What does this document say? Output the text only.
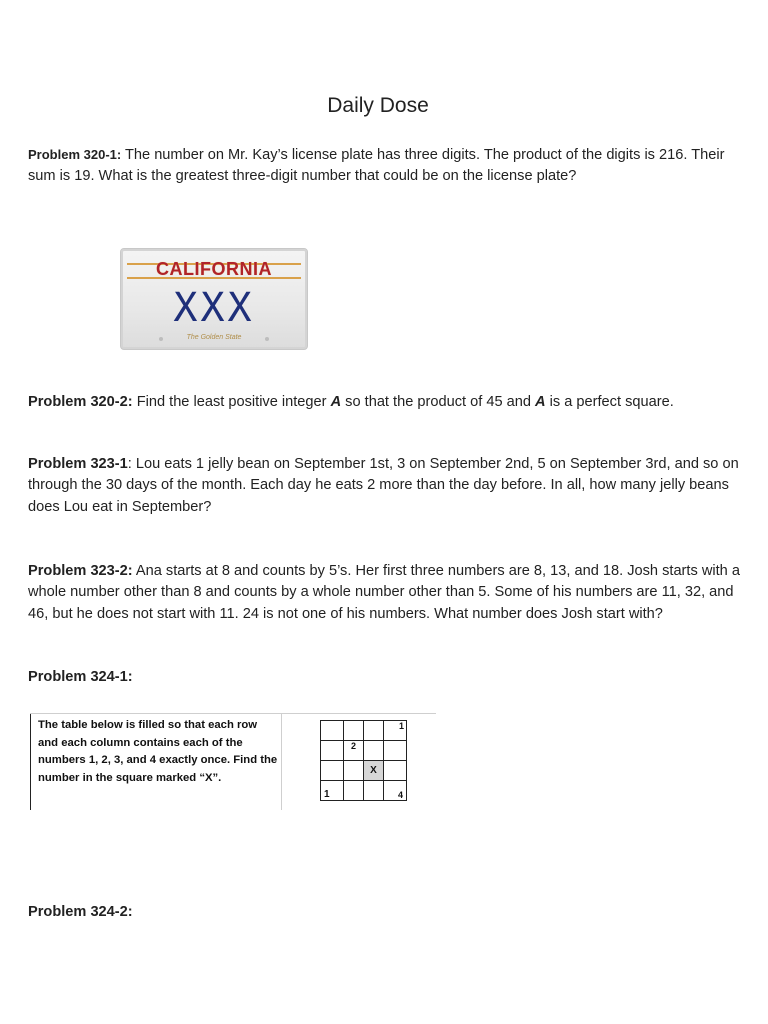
Daily Dose
Problem 320-1: The number on Mr. Kay’s license plate has three digits. The product of the digits is 216. Their sum is 19. What is the greatest three-digit number that could be on the license plate?
CALIFORNIA
XXX
The Golden State
Problem 320-2: Find the least positive integer A so that the product of 45 and A is a perfect square.
Problem 323-1: Lou eats 1 jelly bean on September 1st, 3 on September 2nd, 5 on September 3rd, and so on through the 30 days of the month. Each day he eats 2 more than the day before. In all, how many jelly beans does Lou eat in September?
Problem 323-2: Ana starts at 8 and counts by 5’s. Her first three numbers are 8, 13, and 18. Josh starts with a whole number other than 8 and counts by a whole number other than 5. Some of his numbers are 11, 32, and 46, but he does not start with 11. 24 is not one of his numbers. What number does Josh start with?
Problem 324-1:
The table below is filled so that each row and each column contains each of the numbers 1, 2, 3, and 4 exactly once. Find the number in the square marked “X”.
			1
	2		
		X	
1			4
Problem 324-2:
